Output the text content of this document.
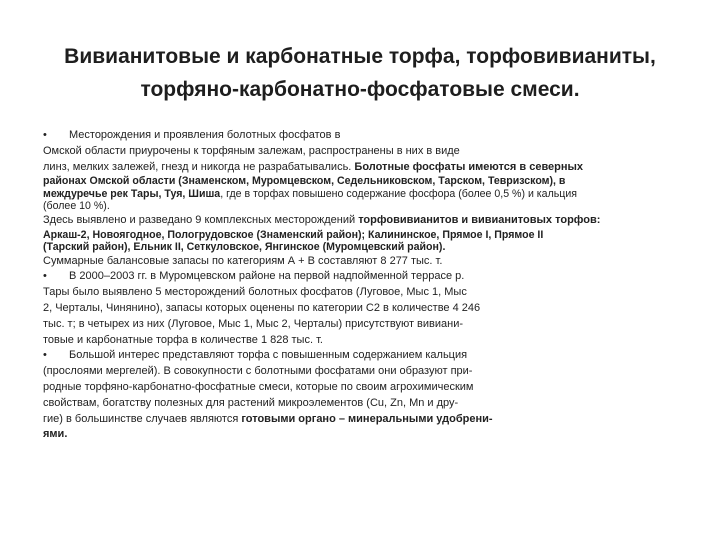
Вивианитовые и карбонатные торфа, торфовивианиты,
торфяно-карбонатно-фосфатовые смеси.
• Месторождения и проявления болотных фосфатов в
Омской области приурочены к торфяным залежам, распространены в них в виде
линз, мелких залежей, гнезд и никогда не разрабатывались. Болотные фосфаты имеются в северных
районах Омской области (Знаменском, Муромцевском, Седельниковском, Тарском, Тевризском), в
междуречье рек Тары, Туя, Шиша, где в торфах повышено содержание фосфора (более 0,5 %) и кальция
(более 10 %).
Здесь выявлено и разведано 9 комплексных месторождений торфовивианитов и вивианитовых торфов:
Аркаш-2, Новоягодное, Пологрудовское (Знаменский район); Калининское, Прямое I, Прямое II
(Тарский район), Ельник II, Сеткуловское, Янгинское (Муромцевский район).
Суммарные балансовые запасы по категориям А + В составляют 8 277 тыс. т.
• В 2000–2003 гг. в Муромцевском районе на первой надпойменной террасе р.
Тары было выявлено 5 месторождений болотных фосфатов (Луговое, Мыс 1, Мыс
2, Черталы, Чинянино), запасы которых оценены по категории С2 в количестве 4 246
тыс. т; в четырех из них (Луговое, Мыс 1, Мыс 2, Черталы) присутствуют вивиани-
товые и карбонатные торфа в количестве 1 828 тыс. т.
• Большой интерес представляют торфа с повышенным содержанием кальция
(прослоями мергелей). В совокупности с болотными фосфатами они образуют при-
родные торфяно-карбонатно-фосфатные смеси, которые по своим агрохимическим
свойствам, богатству полезных для растений микроэлементов (Cu, Zn, Mn и дру-
гие) в большинстве случаев являются готовыми органо – минеральными удобрени-
ями.
